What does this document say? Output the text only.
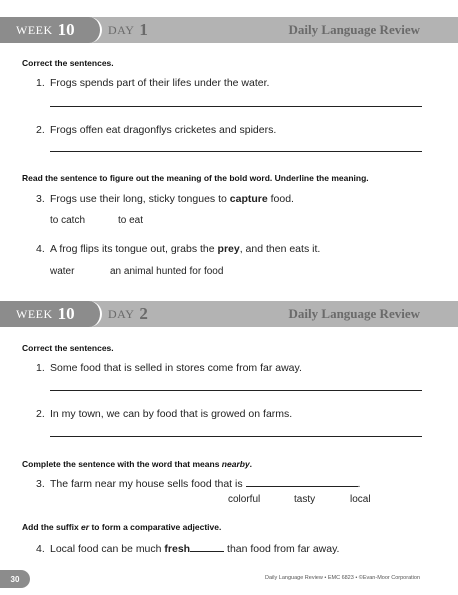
WEEK 10	DAY 1	Daily Language Review
Correct the sentences.
1. Frogs spends part of their lifes under the water.
2. Frogs offen eat dragonflys cricketes and spiders.
Read the sentence to figure out the meaning of the bold word. Underline the meaning.
3. Frogs use their long, sticky tongues to capture food.
to catch	to eat
4. A frog flips its tongue out, grabs the prey, and then eats it.
water	an animal hunted for food
WEEK 10	DAY 2	Daily Language Review
Correct the sentences.
1. Some food that is selled in stores come from far away.
2. In my town, we can by food that is growed on farms.
Complete the sentence with the word that means nearby.
3. The farm near my house sells food that is	.
colorful	tasty	local
Add the suffix er to form a comparative adjective.
4. Local food can be much fresh	than food from far away.
30	Daily Language Review • EMC 6823 • ©Evan-Moor Corporation
